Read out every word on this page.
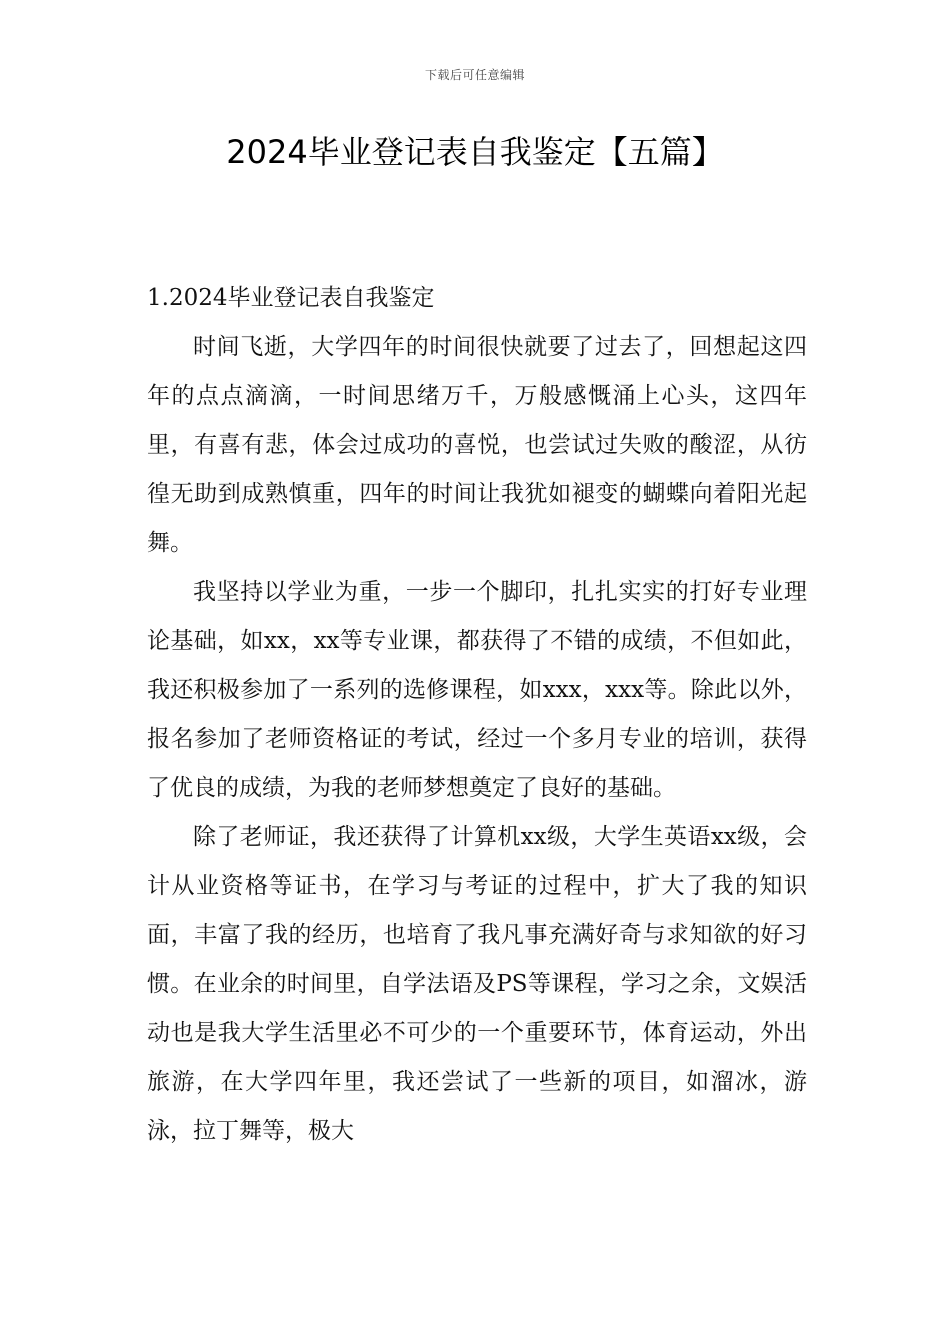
下载后可任意编辑
2024毕业登记表自我鉴定【五篇】

1.2024毕业登记表自我鉴定

时间飞逝，大学四年的时间很快就要了过去了，回想起这四年的点点滴滴，一时间思绪万千，万般感慨涌上心头，这四年里，有喜有悲，体会过成功的喜悦，也尝试过失败的酸涩，从彷徨无助到成熟慎重，四年的时间让我犹如褪变的蝴蝶向着阳光起舞。

我坚持以学业为重，一步一个脚印，扎扎实实的打好专业理论基础，如xx，xx等专业课，都获得了不错的成绩，不但如此，我还积极参加了一系列的选修课程，如xxx，xxx等。除此以外，报名参加了老师资格证的考试，经过一个多月专业的培训，获得了优良的成绩，为我的老师梦想奠定了良好的基础。

除了老师证，我还获得了计算机xx级，大学生英语xx级，会计从业资格等证书，在学习与考证的过程中，扩大了我的知识面，丰富了我的经历，也培育了我凡事充满好奇与求知欲的好习惯。在业余的时间里，自学法语及PS等课程，学习之余，文娱活动也是我大学生活里必不可少的一个重要环节，体育运动，外出旅游，在大学四年里，我还尝试了一些新的项目，如溜冰，游泳，拉丁舞等，极大
